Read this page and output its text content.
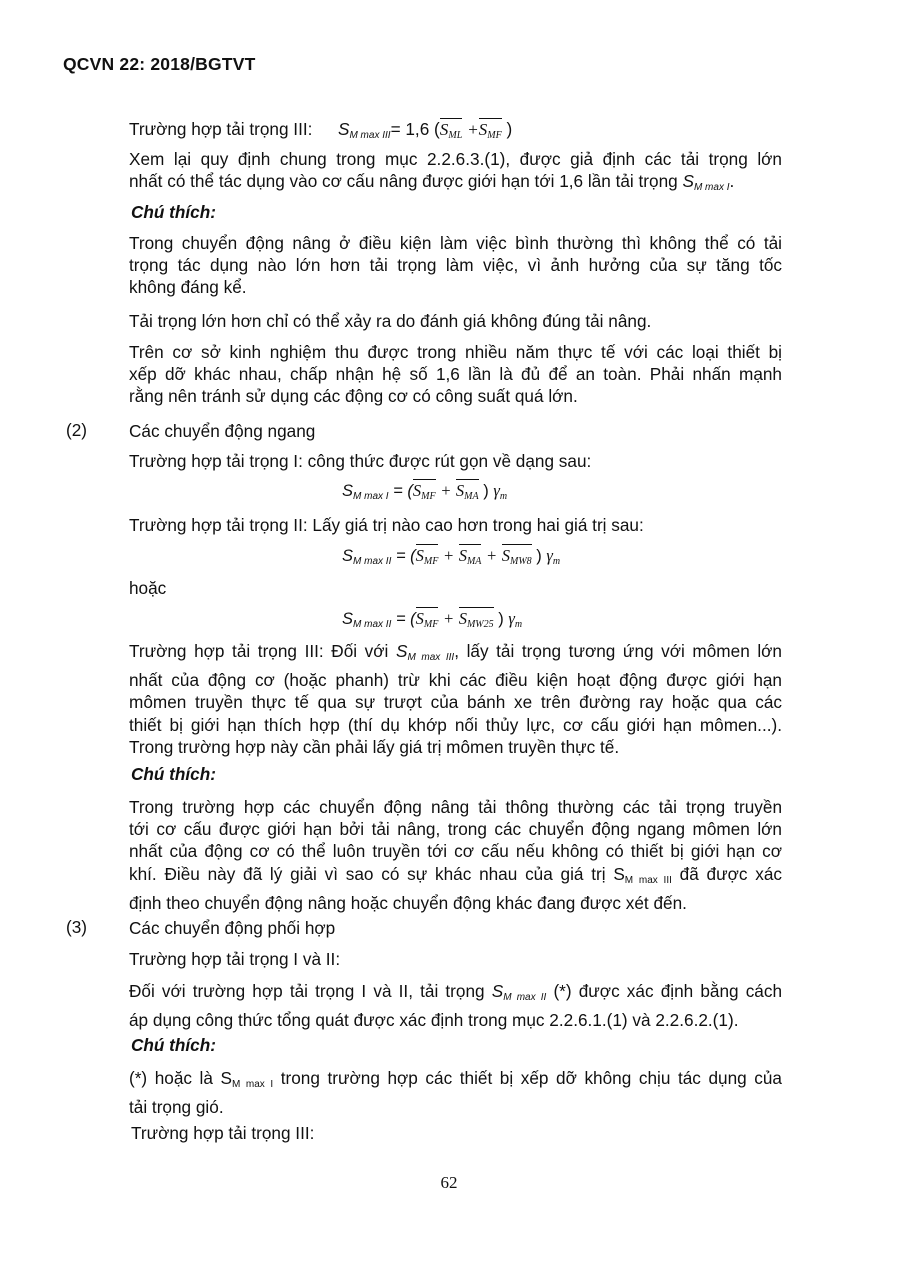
QCVN 22: 2018/BGTVT
Trường hợp tải trọng III: $S_{M max III}= 1,6$ ($S_{ML} +S_{MF}$ )
Xem lại quy định chung trong mục 2.2.6.3.(1), được giả định các tải trọng lớn
nhất có thể tác dụng vào cơ cấu nâng được giới hạn tới 1,6 lần tải trọng $S_{M max I}$.
Chú thích:
Trong chuyển động nâng ở điều kiện làm việc bình thường thì không thể có tải
trọng tác dụng nào lớn hơn tải trọng làm việc, vì ảnh hưởng của sự tăng tốc
không đáng kể.
Tải trọng lớn hơn chỉ có thể xảy ra do đánh giá không đúng tải nâng.
Trên cơ sở kinh nghiệm thu được trong nhiều năm thực tế với các loại thiết bị
xếp dỡ khác nhau, chấp nhận hệ số 1,6 lần là đủ để an toàn. Phải nhấn mạnh
rằng nên tránh sử dụng các động cơ có công suất quá lớn.
(2) Các chuyển động ngang
Trường hợp tải trọng I: công thức được rút gọn về dạng sau:
$S_{M max I} = (S_{MF} + S_{MA}$ ) $\gamma_m$
Trường hợp tải trọng II: Lấy giá trị nào cao hơn trong hai giá trị sau:
$S_{M max II} = (S_{MF} + S_{MA} + S_{MW8}$ ) $\gamma_m$
hoặc
$S_{M max II} = (S_{MF} + S_{MW25}$ ) $\gamma_m$
Trường hợp tải trọng III: Đối với $S_{M max III}$, lấy tải trọng tương ứng với mômen lớn
nhất của động cơ (hoặc phanh) trừ khi các điều kiện hoạt động được giới hạn
mômen truyền thực tế qua sự trượt của bánh xe trên đường ray hoặc qua các
thiết bị giới hạn thích hợp (thí dụ khớp nối thủy lực, cơ cấu giới hạn mômen...).
Trong trường hợp này cần phải lấy giá trị mômen truyền thực tế.
Chú thích:
Trong trường hợp các chuyển động nâng tải thông thường các tải trọng truyền
tới cơ cấu được giới hạn bởi tải nâng, trong các chuyển động ngang mômen lớn
nhất của động cơ có thể luôn truyền tới cơ cấu nếu không có thiết bị giới hạn cơ
khí. Điều này đã lý giải vì sao có sự khác nhau của giá trị $S_{M max III}$ đã được xác
định theo chuyển động nâng hoặc chuyển động khác đang được xét đến.
(3) Các chuyển động phối hợp
Trường hợp tải trọng I và II:
Đối với trường hợp tải trọng I và II, tải trọng $S_{M max II}$ (*) được xác định bằng cách
áp dụng công thức tổng quát được xác định trong mục 2.2.6.1.(1) và 2.2.6.2.(1).
Chú thích:
(*) hoặc là $S_{M max I}$ trong trường hợp các thiết bị xếp dỡ không chịu tác dụng của
tải trọng gió.
Trường hợp tải trọng III:
62
